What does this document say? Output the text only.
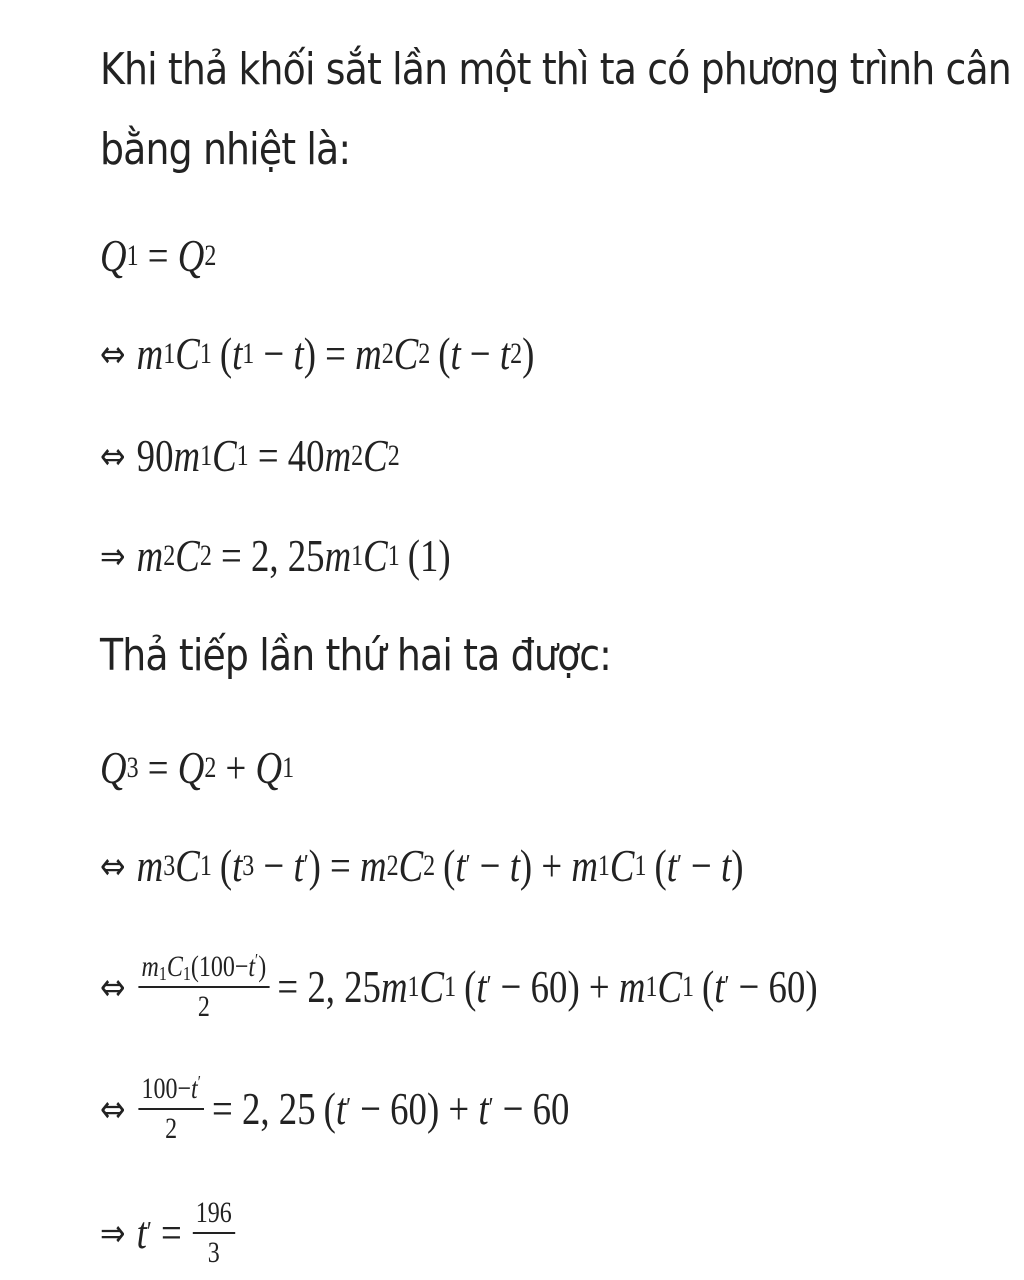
Khi thả khối sắt lần một thì ta có phương trình cân
bằng nhiệt là:
Q 1 = Q 2
⇔ m 1 C 1 ( t 1 − t ) = m 2 C 2 ( t − t 2 )
⇔ 90 m 1 C 1 = 40 m 2 C 2
⇒ m 2 C 2 = 2, 25 m 1 C 1 (1)
Thả tiếp lần thứ hai ta được:
Q 3 = Q 2 + Q 1
⇔ m 3 C 1 ( t 3 − t ′ ) = m 2 C 2 ( t ′ − t ) + m 1 C 1 ( t ′ − t )
⇔ $\frac{m_1C_1(100-t')}{2} = 2$, 25 m 1 C 1 ( t ′ − 60 ) + m 1 C 1 ( t ′ − 60 )
⇔ $\frac{100-t'}{2} = 2$, 25 ( t ′ − 60 ) + t ′ − 60
⇒ t ′ = $\frac{196}{3}$
